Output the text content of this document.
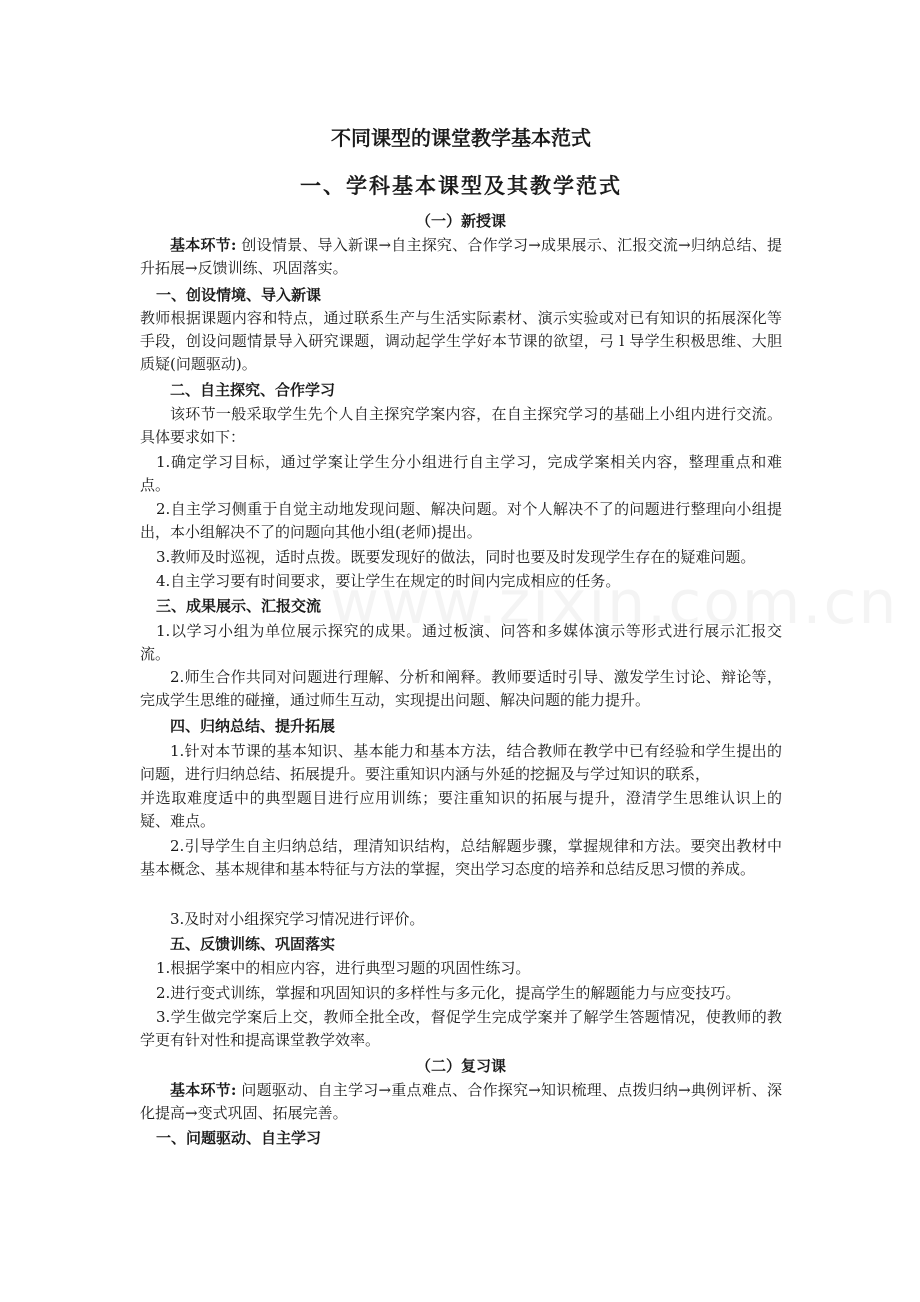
不同课型的课堂教学基本范式
一、学科基本课型及其教学范式
（一）新授课

基本环节: 创设情景、导入新课→自主探究、合作学习→成果展示、汇报交流→归纳总结、提升拓展→反馈训练、巩固落实。

一、创设情境、导入新课

教师根据课题内容和特点，通过联系生产与生活实际素材、演示实验或对已有知识的拓展深化等手段，创设问题情景导入研究课题，调动起学生学好本节课的欲望，弓 l 导学生积极思维、大胆质疑(问题驱动)。

二、自主探究、合作学习

该环节一般采取学生先个人自主探究学案内容，在自主探究学习的基础上小组内进行交流。具体要求如下：

1.确定学习目标，通过学案让学生分小组进行自主学习，完成学案相关内容，整理重点和难点。

2.自主学习侧重于自觉主动地发现问题、解决问题。对个人解决不了的问题进行整理向小组提出，本小组解决不了的问题向其他小组(老师)提出。

3.教师及时巡视，适时点拨。既要发现好的做法，同时也要及时发现学生存在的疑难问题。

4.自主学习要有时间要求，要让学生在规定的时间内完成相应的任务。

三、成果展示、汇报交流

1.以学习小组为单位展示探究的成果。通过板演、问答和多媒体演示等形式进行展示汇报交流。

2.师生合作共同对问题进行理解、分析和阐释。教师要适时引导、激发学生讨论、辩论等，完成学生思维的碰撞，通过师生互动，实现提出问题、解决问题的能力提升。

四、归纳总结、提升拓展

1.针对本节课的基本知识、基本能力和基本方法，结合教师在教学中已有经验和学生提出的问题，进行归纳总结、拓展提升。要注重知识内涵与外延的挖掘及与学过知识的联系，

并选取难度适中的典型题目进行应用训练；要注重知识的拓展与提升，澄清学生思维认识上的疑、难点。

2.引导学生自主归纳总结，理清知识结构，总结解题步骤，掌握规律和方法。要突出教材中基本概念、基本规律和基本特征与方法的掌握，突出学习态度的培养和总结反思习惯的养成。

3.及时对小组探究学习情况进行评价。

五、反馈训练、巩固落实

1.根据学案中的相应内容，进行典型习题的巩固性练习。

2.进行变式训练，掌握和巩固知识的多样性与多元化，提高学生的解题能力与应变技巧。

3.学生做完学案后上交，教师全批全改，督促学生完成学案并了解学生答题情况，使教师的教学更有针对性和提高课堂教学效率。

（二）复习课

基本环节: 问题驱动、自主学习→重点难点、合作探究→知识梳理、点拨归纳→典例评析、深化提高→变式巩固、拓展完善。

一、问题驱动、自主学习
